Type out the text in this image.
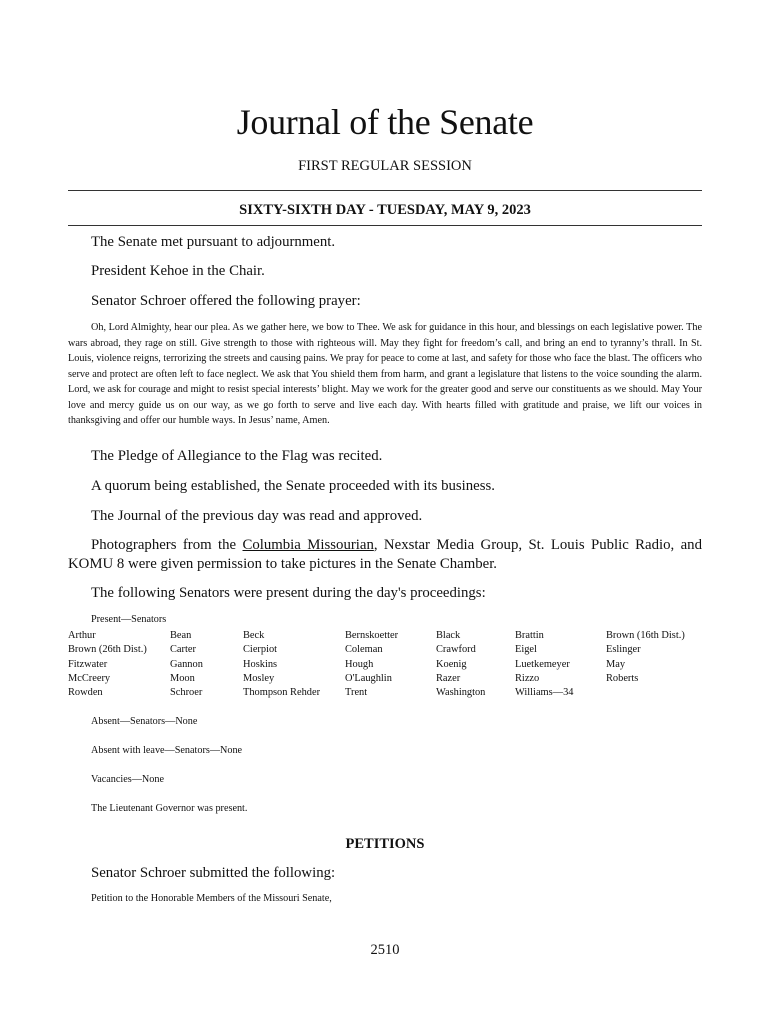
Journal of the Senate
FIRST REGULAR SESSION
SIXTY-SIXTH DAY - TUESDAY, MAY 9, 2023
The Senate met pursuant to adjournment.
President Kehoe in the Chair.
Senator Schroer offered the following prayer:
Oh, Lord Almighty, hear our plea. As we gather here, we bow to Thee. We ask for guidance in this hour, and blessings on each legislative power. The wars abroad, they rage on still. Give strength to those with righteous will. May they fight for freedom’s call, and bring an end to tyranny’s thrall. In St. Louis, violence reigns, terrorizing the streets and causing pains. We pray for peace to come at last, and safety for those who face the blast. The officers who serve and protect are often left to face neglect. We ask that You shield them from harm, and grant a legislature that listens to the voice sounding the alarm. Lord, we ask for courage and might to resist special interests’ blight. May we work for the greater good and serve our constituents as we should. May Your love and mercy guide us on our way, as we go forth to serve and live each day. With hearts filled with gratitude and praise, we lift our voices in thanksgiving and offer our humble ways. In Jesus’ name, Amen.
The Pledge of Allegiance to the Flag was recited.
A quorum being established, the Senate proceeded with its business.
The Journal of the previous day was read and approved.
Photographers from the Columbia Missourian, Nexstar Media Group, St. Louis Public Radio, and KOMU 8 were given permission to take pictures in the Senate Chamber.
The following Senators were present during the day's proceedings:
Present—Senators
Arthur
Brown (26th Dist.)
Fitzwater
McCreery
Rowden
Bean
Carter
Gannon
Moon
Schroer
Beck
Cierpiot
Hoskins
Mosley
Thompson Rehder
Bernskoetter
Coleman
Hough
O'Laughlin
Trent
Black
Crawford
Koenig
Razer
Washington
Brattin
Eigel
Luetkemeyer
Rizzo
Williams—34
Brown (16th Dist.)
Eslinger
May
Roberts
Absent—Senators—None
Absent with leave—Senators—None
Vacancies—None
The Lieutenant Governor was present.
PETITIONS
Senator Schroer submitted the following:
Petition to the Honorable Members of the Missouri Senate,
2510
